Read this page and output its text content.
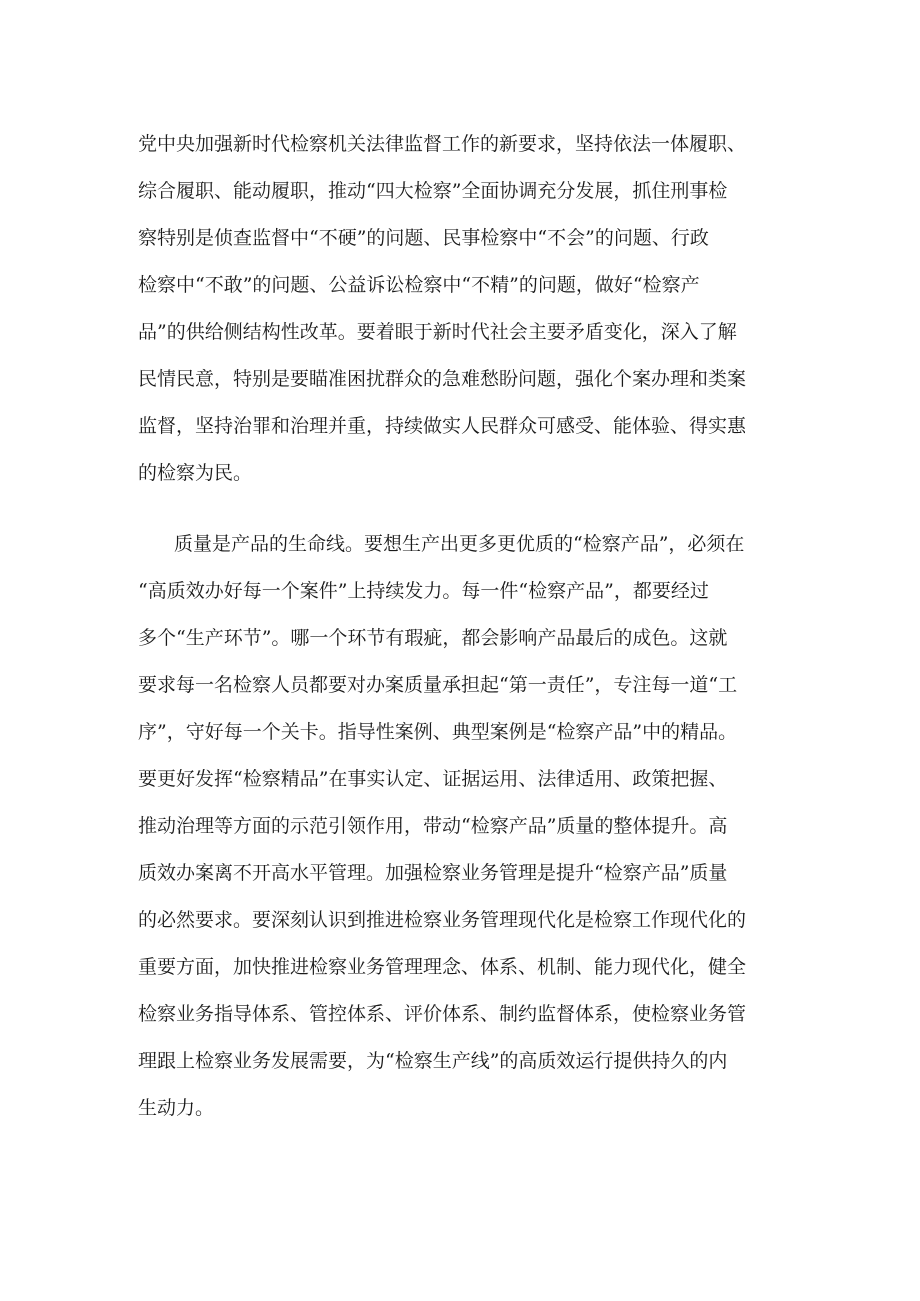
党中央加强新时代检察机关法律监督工作的新要求，坚持依法一体履职、
综合履职、能动履职，推动“四大检察”全面协调充分发展，抓住刑事检
察特别是侦查监督中“不硬”的问题、民事检察中“不会”的问题、行政
检察中“不敢”的问题、公益诉讼检察中“不精”的问题，做好“检察产
品”的供给侧结构性改革。要着眼于新时代社会主要矛盾变化，深入了解
民情民意，特别是要瞄准困扰群众的急难愁盼问题，强化个案办理和类案
监督，坚持治罪和治理并重，持续做实人民群众可感受、能体验、得实惠
的检察为民。
质量是产品的生命线。要想生产出更多更优质的“检察产品”，必须在
“高质效办好每一个案件”上持续发力。每一件“检察产品”，都要经过
多个“生产环节”。哪一个环节有瑕疵，都会影响产品最后的成色。这就
要求每一名检察人员都要对办案质量承担起“第一责任”，专注每一道“工
序”，守好每一个关卡。指导性案例、典型案例是“检察产品”中的精品。
要更好发挥“检察精品”在事实认定、证据运用、法律适用、政策把握、
推动治理等方面的示范引领作用，带动“检察产品”质量的整体提升。高
质效办案离不开高水平管理。加强检察业务管理是提升“检察产品”质量
的必然要求。要深刻认识到推进检察业务管理现代化是检察工作现代化的
重要方面，加快推进检察业务管理理念、体系、机制、能力现代化，健全
检察业务指导体系、管控体系、评价体系、制约监督体系，使检察业务管
理跟上检察业务发展需要，为“检察生产线”的高质效运行提供持久的内
生动力。
